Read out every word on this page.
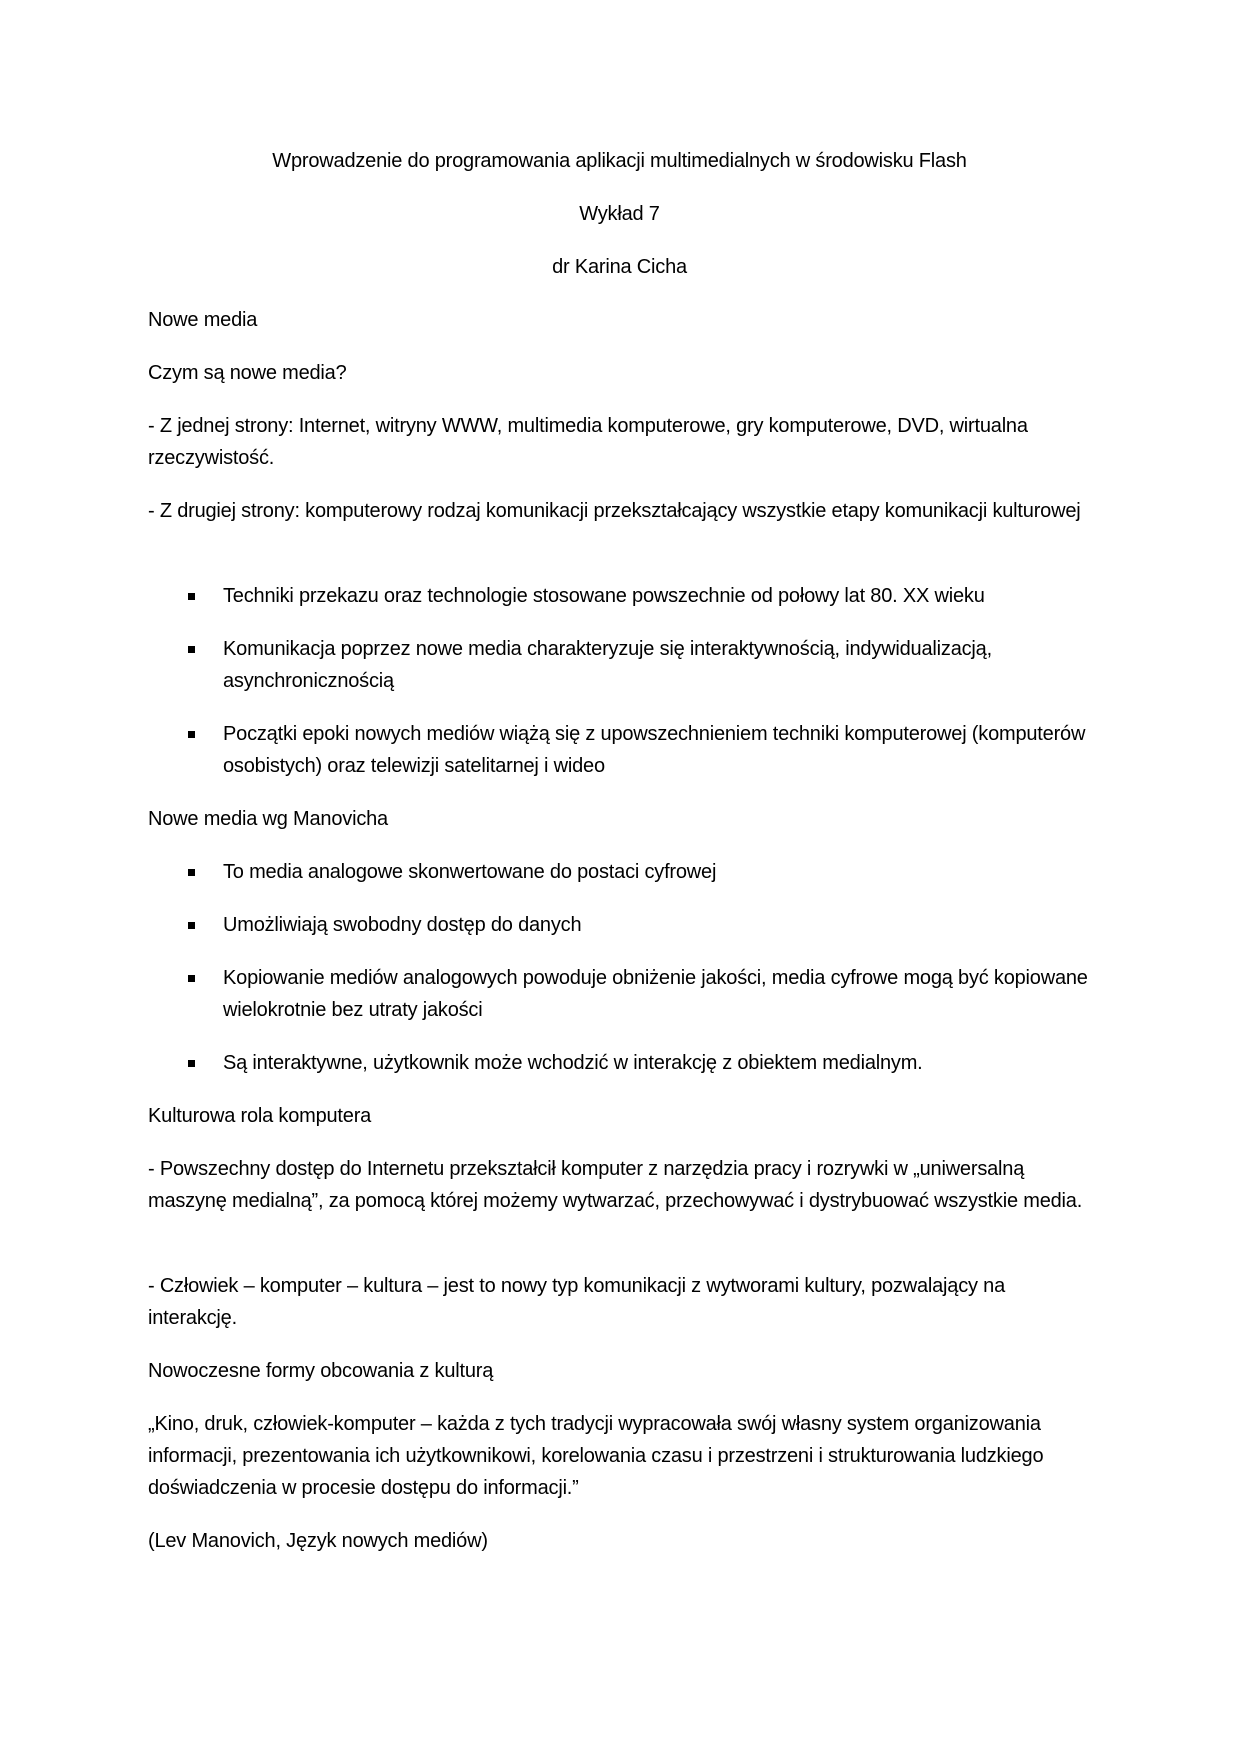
Wprowadzenie do programowania aplikacji multimedialnych w środowisku Flash

Wykład 7

dr Karina Cicha

Nowe media

Czym są nowe media?

- Z jednej strony: Internet, witryny WWW, multimedia komputerowe, gry komputerowe, DVD, wirtualna rzeczywistość.

- Z drugiej strony: komputerowy rodzaj komunikacji przekształcający wszystkie etapy komunikacji kulturowej

Techniki przekazu oraz technologie stosowane powszechnie od połowy lat 80. XX wieku
Komunikacja poprzez nowe media charakteryzuje się interaktywnością, indywidualizacją, asynchronicznością
Początki epoki nowych mediów wiążą się z upowszechnieniem techniki komputerowej (komputerów osobistych) oraz telewizji satelitarnej i wideo

Nowe media wg Manovicha

To media analogowe skonwertowane do postaci cyfrowej
Umożliwiają swobodny dostęp do danych
Kopiowanie mediów analogowych powoduje obniżenie jakości, media cyfrowe mogą być kopiowane wielokrotnie bez utraty jakości
Są interaktywne, użytkownik może wchodzić w interakcję z obiektem medialnym.

Kulturowa rola komputera

- Powszechny dostęp do Internetu przekształcił komputer z narzędzia pracy i rozrywki w „uniwersalną maszynę medialną”, za pomocą której możemy wytwarzać, przechowywać i dystrybuować wszystkie media.

- Człowiek – komputer – kultura – jest to nowy typ komunikacji z wytworami kultury, pozwalający na interakcję.

Nowoczesne formy obcowania z kulturą

„Kino, druk, człowiek-komputer – każda z tych tradycji wypracowała swój własny system organizowania informacji, prezentowania ich użytkownikowi, korelowania czasu i przestrzeni i strukturowania ludzkiego doświadczenia w procesie dostępu do informacji.”

(Lev Manovich, Język nowych mediów)
